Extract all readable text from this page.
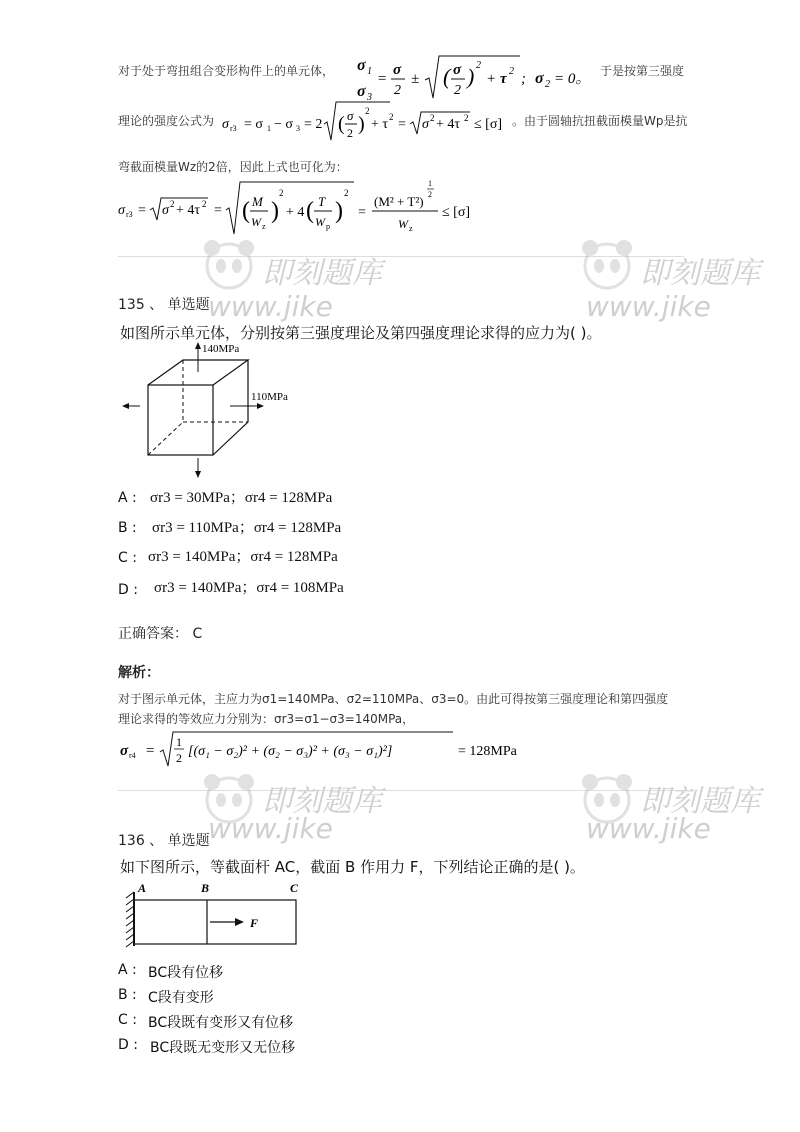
对于处于弯扭组合变形构件上的单元体， σ 1
σ 3
=
σ
2
± ( σ
2
) 2
+ τ 2 ; σ 2 = 0。 于是按第三强度
理论的强度公式为 σ r3 = σ 1 − σ 3 = 2 ( σ
2 )
2
+ τ 2 = σ 2 + 4τ 2 ≤ [σ] 。由于圆轴抗扭截面模量Wp是抗
弯截面模量Wz的2倍，因此上式也可化为：
σ r3 = σ 2 + 4τ 2 = ( M
W z
)
2
+ 4 ( T
W p
)
2
=
(M² + T²)
1
2
W z
≤ [σ]
即刻题库
www.jike
即刻题库
www.jike
135 、 单选题
如图所示单元体，分别按第三强度理论及第四强度理论求得的应力为( )。
140MPa
110MPa
A : σr3 = 30MPa；σr4 = 128MPa
B : σr3 = 110MPa；σr4 = 128MPa
C : σr3 = 140MPa；σr4 = 128MPa
D : σr3 = 140MPa；σr4 = 108MPa
正确答案： C
解析：
对于图示单元体，主应力为σ1=140MPa、σ2=110MPa、σ3=0。由此可得按第三强度理论和第四强度
理论求得的等效应力分别为：σr3=σ1−σ3=140MPa，
σ r4 =
1
2 [(σ₁ − σ₂)² + (σ₂ − σ₃)² + (σ₃ − σ₁)²]	= 128MPa
即刻题库
www.jike
即刻题库
www.jike
136 、 单选题
如下图所示，等截面杆 AC，截面 B 作用力 F，下列结论正确的是( )。
A	B	C
F
A : BC段有位移
B : C段有变形
C : BC段既有变形又有位移
D : BC段既无变形又无位移
